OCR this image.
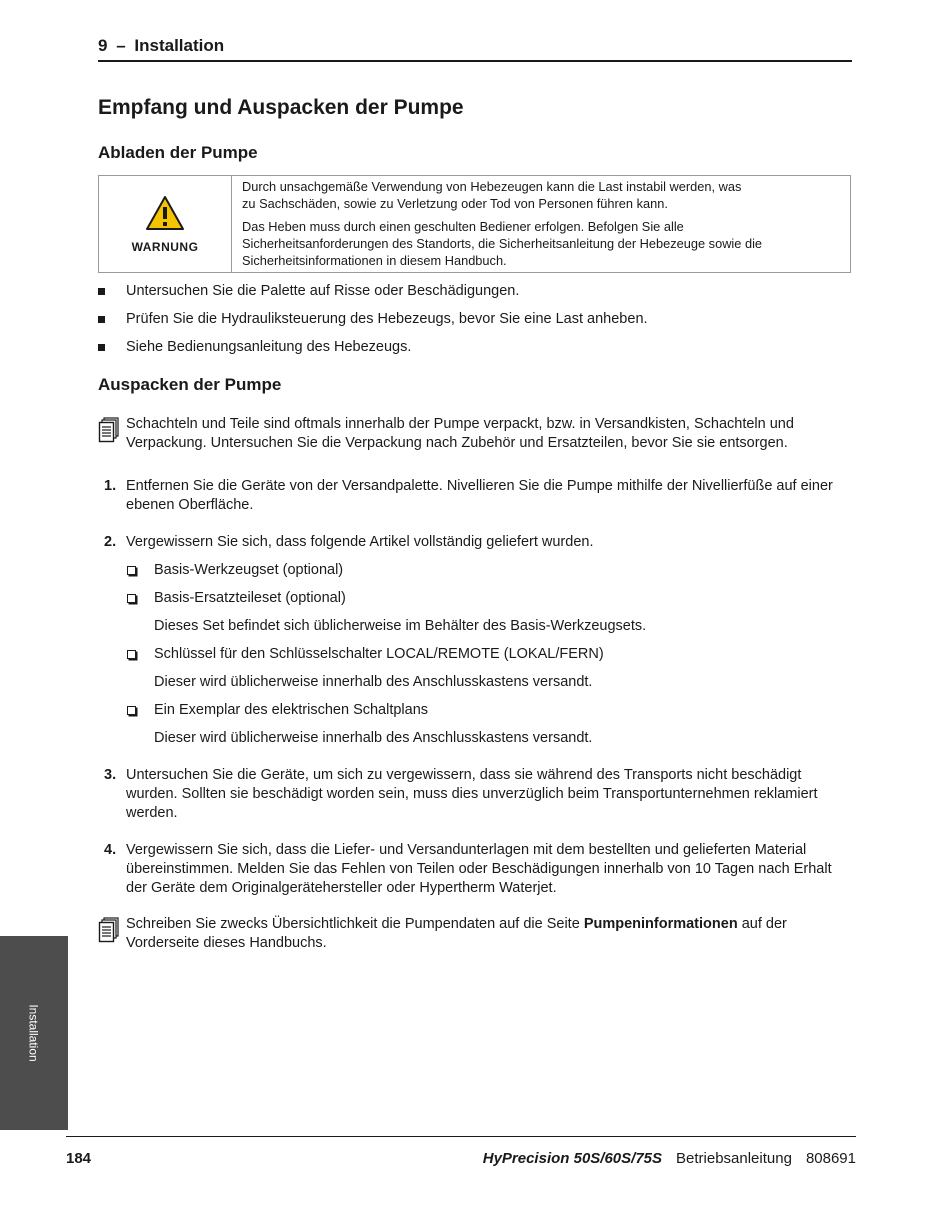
9 – Installation
Empfang und Auspacken der Pumpe
Abladen der Pumpe
WARNUNG

Durch unsachgemäße Verwendung von Hebezeugen kann die Last instabil werden, was
zu Sachschäden, sowie zu Verletzung oder Tod von Personen führen kann.

Das Heben muss durch einen geschulten Bediener erfolgen. Befolgen Sie alle
Sicherheitsanforderungen des Standorts, die Sicherheitsanleitung der Hebezeuge sowie die
Sicherheitsinformationen in diesem Handbuch.

Untersuchen Sie die Palette auf Risse oder Beschädigungen.
Prüfen Sie die Hydrauliksteuerung des Hebezeugs, bevor Sie eine Last anheben.
Siehe Bedienungsanleitung des Hebezeugs.
Auspacken der Pumpe
Schachteln und Teile sind oftmals innerhalb der Pumpe verpackt, bzw. in Versandkisten, Schachteln und
Verpackung. Untersuchen Sie die Verpackung nach Zubehör und Ersatzteilen, bevor Sie sie entsorgen.
1. Entfernen Sie die Geräte von der Versandpalette. Nivellieren Sie die Pumpe mithilfe der Nivellierfüße auf einer
ebenen Oberfläche.

2. Vergewissern Sie sich, dass folgende Artikel vollständig geliefert wurden.

Basis-Werkzeugset (optional)
Basis-Ersatzteileset (optional)
Dieses Set befindet sich üblicherweise im Behälter des Basis-Werkzeugsets.
Schlüssel für den Schlüsselschalter LOCAL/REMOTE (LOKAL/FERN)
Dieser wird üblicherweise innerhalb des Anschlusskastens versandt.
Ein Exemplar des elektrischen Schaltplans
Dieser wird üblicherweise innerhalb des Anschlusskastens versandt.
3. Untersuchen Sie die Geräte, um sich zu vergewissern, dass sie während des Transports nicht beschädigt
wurden. Sollten sie beschädigt worden sein, muss dies unverzüglich beim Transportunternehmen reklamiert
werden.

4. Vergewissern Sie sich, dass die Liefer- und Versandunterlagen mit dem bestellten und gelieferten Material
übereinstimmen. Melden Sie das Fehlen von Teilen oder Beschädigungen innerhalb von 10 Tagen nach Erhalt
der Geräte dem Originalgerätehersteller oder Hypertherm Waterjet.

Schreiben Sie zwecks Übersichtlichkeit die Pumpendaten auf die Seite Pumpeninformationen auf der
Vorderseite dieses Handbuchs.
Installation
184	HyPrecision 50S/60S/75S Betriebsanleitung 808691
